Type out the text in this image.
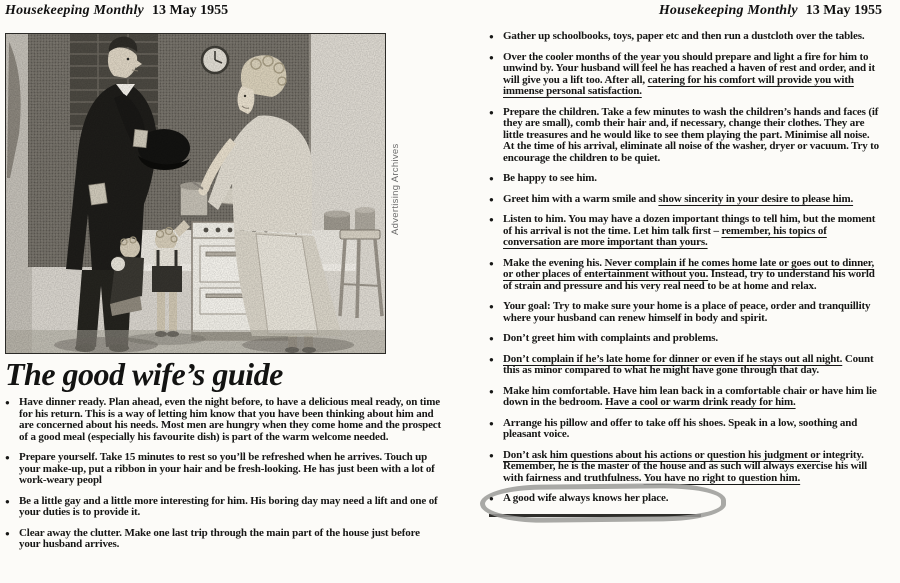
Housekeeping Monthly 13 May 1955	Housekeeping Monthly 13 May 1955
Advertising Archives
The good wife’s guide
● Have dinner ready. Plan ahead, even the night before, to have a delicious meal ready, on time for his return. This is a way of letting him know that you have been thinking about him and are concerned about his needs. Most men are hungry when they come home and the prospect of a good meal (especially his favourite dish) is part of the warm welcome needed.
● Prepare yourself. Take 15 minutes to rest so you’ll be refreshed when he arrives. Touch up your make-up, put a ribbon in your hair and be fresh-looking. He has just been with a lot of work-weary peopl
● Be a little gay and a little more interesting for him. His boring day may need a lift and one of your duties is to provide it.
● Clear away the clutter. Make one last trip through the main part of the house just before your husband arrives.
● Gather up schoolbooks, toys, paper etc and then run a dustcloth over the tables.
● Over the cooler months of the year you should prepare and light a fire for him to unwind by. Your husband will feel he has reached a haven of rest and order, and it will give you a lift too. After all, catering for his comfort will provide you with immense personal satisfaction.
● Prepare the children. Take a few minutes to wash the children’s hands and faces (if they are small), comb their hair and, if necessary, change their clothes. They are little treasures and he would like to see them playing the part. Minimise all noise. At the time of his arrival, eliminate all noise of the washer, dryer or vacuum. Try to encourage the children to be quiet.
● Be happy to see him.
● Greet him with a warm smile and show sincerity in your desire to please him.
● Listen to him. You may have a dozen important things to tell him, but the moment of his arrival is not the time. Let him talk first – remember, his topics of conversation are more important than yours.
● Make the evening his. Never complain if he comes home late or goes out to dinner, or other places of entertainment without you. Instead, try to understand his world of strain and pressure and his very real need to be at home and relax.
● Your goal: Try to make sure your home is a place of peace, order and tranquillity where your husband can renew himself in body and spirit.
● Don’t greet him with complaints and problems.
● Don’t complain if he’s late home for dinner or even if he stays out all night. Count this as minor compared to what he might have gone through that day.
● Make him comfortable. Have him lean back in a comfortable chair or have him lie down in the bedroom. Have a cool or warm drink ready for him.
● Arrange his pillow and offer to take off his shoes. Speak in a low, soothing and pleasant voice.
● Don’t ask him questions about his actions or question his judgment or integrity. Remember, he is the master of the house and as such will always exercise his will with fairness and truthfulness. You have no right to question him.
● A good wife always knows her place.
